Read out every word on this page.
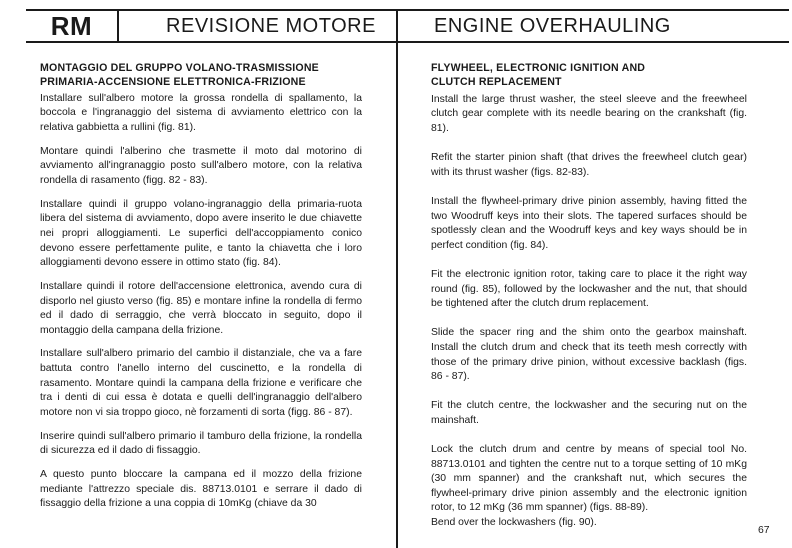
RM	REVISIONE MOTORE	ENGINE OVERHAULING
MONTAGGIO DEL GRUPPO VOLANO-TRASMISSIONE
PRIMARIA-ACCENSIONE ELETTRONICA-FRIZIONE

Installare sull'albero motore la grossa rondella di spallamento, la boccola e l'ingranaggio del sistema di avviamento elettrico con la relativa gabbietta a rullini (fig. 81).

Montare quindi l'alberino che trasmette il moto dal motorino di avviamento all'ingranaggio posto sull'albero motore, con la relativa rondella di rasamento (figg. 82 - 83).

Installare quindi il gruppo volano-ingranaggio della primaria-ruota libera del sistema di avviamento, dopo avere inserito le due chiavette nei propri alloggiamenti. Le superfici dell'accoppiamento conico devono essere perfettamente pulite, e tanto la chiavetta che i loro alloggiamenti devono essere in ottimo stato (fig. 84).

Installare quindi il rotore dell'accensione elettronica, avendo cura di disporlo nel giusto verso (fig. 85) e montare infine la rondella di fermo ed il dado di serraggio, che verrà bloccato in seguito, dopo il montaggio della campana della frizione.

Installare sull'albero primario del cambio il distanziale, che va a fare battuta contro l'anello interno del cuscinetto, e la rondella di rasamento. Montare quindi la campana della frizione e verificare che tra i denti di cui essa è dotata e quelli dell'ingranaggio dell'albero motore non vi sia troppo gioco, nè forzamenti di sorta (figg. 86 - 87).

Inserire quindi sull'albero primario il tamburo della frizione, la rondella di sicurezza ed il dado di fissaggio.

A questo punto bloccare la campana ed il mozzo della frizione mediante l'attrezzo speciale dis. 88713.0101 e serrare il dado di fissaggio della frizione a una coppia di 10mKg (chiave da 30

FLYWHEEL, ELECTRONIC IGNITION AND
CLUTCH REPLACEMENT

Install the large thrust washer, the steel sleeve and the freewheel clutch gear complete with its needle bearing on the crankshaft (fig. 81).

Refit the starter pinion shaft (that drives the freewheel clutch gear) with its thrust washer (figs. 82-83).

Install the flywheel-primary drive pinion assembly, having fitted the two Woodruff keys into their slots. The tapered surfaces should be spotlessly clean and the Woodruff keys and key ways should be in perfect condition (fig. 84).

Fit the electronic ignition rotor, taking care to place it the right way round (fig. 85), followed by the lockwasher and the nut, that should be tightened after the clutch drum replacement.

Slide the spacer ring and the shim onto the gearbox mainshaft. Install the clutch drum and check that its teeth mesh correctly with those of the primary drive pinion, without excessive backlash (figs. 86 - 87).

Fit the clutch centre, the lockwasher and the securing nut on the mainshaft.

Lock the clutch drum and centre by means of special tool No. 88713.0101 and tighten the centre nut to a torque setting of 10 mKg (30 mm spanner) and the crankshaft nut, which secures the flywheel-primary drive pinion assembly and the electronic ignition rotor, to 12 mKg (36 mm spanner) (figs. 88-89).

Bend over the lockwashers (fig. 90).

67
